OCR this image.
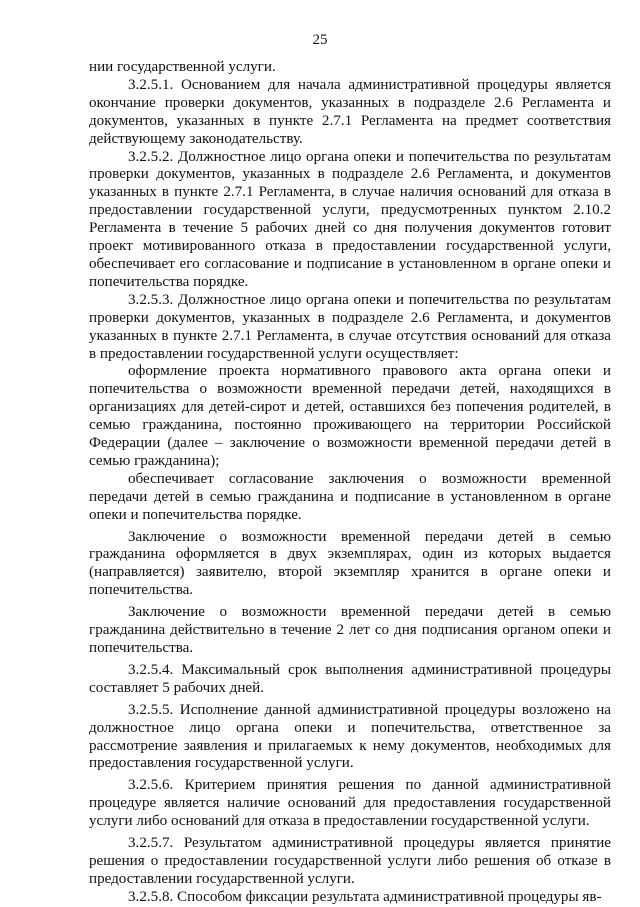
25

нии государственной услуги.

3.2.5.1. Основанием для начала административной процедуры является окончание проверки документов, указанных в подразделе 2.6 Регламента и документов, указанных в пункте 2.7.1 Регламента на предмет соответствия действующему законодательству.

3.2.5.2. Должностное лицо органа опеки и попечительства по результатам проверки документов, указанных в подразделе 2.6 Регламента, и документов указанных в пункте 2.7.1 Регламента, в случае наличия оснований для отказа в предоставлении государственной услуги, предусмотренных пунктом 2.10.2 Регламента в течение 5 рабочих дней со дня получения документов готовит проект мотивированного отказа в предоставлении государственной услуги, обеспечивает его согласование и подписание в установленном в органе опеки и попечительства порядке.

3.2.5.3. Должностное лицо органа опеки и попечительства по результатам проверки документов, указанных в подразделе 2.6 Регламента, и документов указанных в пункте 2.7.1 Регламента, в случае отсутствия оснований для отказа в предоставлении государственной услуги осуществляет:

оформление проекта нормативного правового акта органа опеки и попечительства о возможности временной передачи детей, находящихся в организациях для детей-сирот и детей, оставшихся без попечения родителей, в семью гражданина, постоянно проживающего на территории Российской Федерации (далее – заключение о возможности временной передачи детей в семью гражданина);

обеспечивает согласование заключения о возможности временной передачи детей в семью гражданина и подписание в установленном в органе опеки и попечительства порядке.

Заключение о возможности временной передачи детей в семью гражданина оформляется в двух экземплярах, один из которых выдается (направляется) заявителю, второй экземпляр хранится в органе опеки и попечительства.

Заключение о возможности временной передачи детей в семью гражданина действительно в течение 2 лет со дня подписания органом опеки и попечительства.

3.2.5.4. Максимальный срок выполнения административной процедуры составляет 5 рабочих дней.

3.2.5.5. Исполнение данной административной процедуры возложено на должностное лицо органа опеки и попечительства, ответственное за рассмотрение заявления и прилагаемых к нему документов, необходимых для предоставления государственной услуги.

3.2.5.6. Критерием принятия решения по данной административной процедуре является наличие оснований для предоставления государственной услуги либо оснований для отказа в предоставлении государственной услуги.

3.2.5.7. Результатом административной процедуры является принятие решения о предоставлении государственной услуги либо решения об отказе в предоставлении государственной услуги.

3.2.5.8. Способом фиксации результата административной процедуры яв-
